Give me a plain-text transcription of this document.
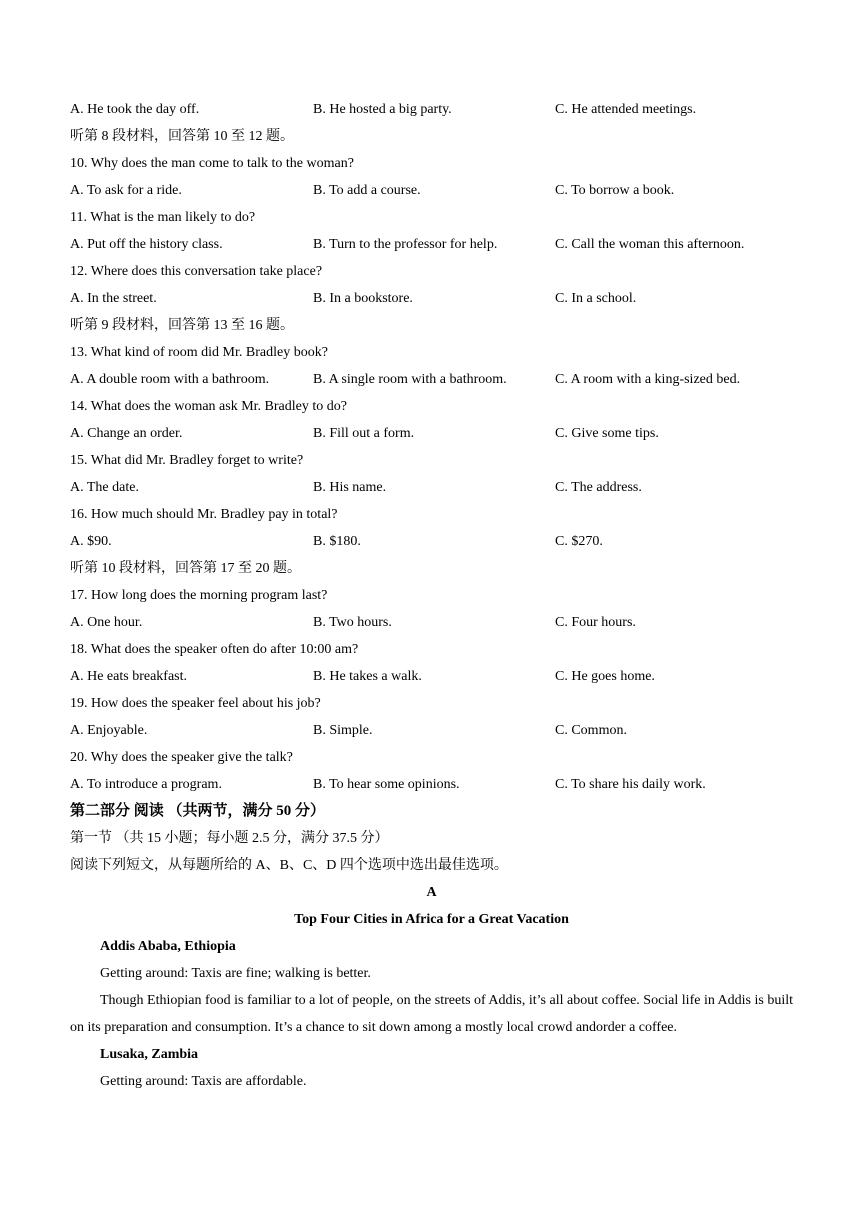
A. He took the day off.	B. He hosted a big party.	C. He attended meetings.
听第 8 段材料，回答第 10 至 12 题。
10. Why does the man come to talk to the woman?
A. To ask for a ride.	B. To add a course.	C. To borrow a book.
11. What is the man likely to do?
A. Put off the history class.	B. Turn to the professor for help.	C. Call the woman this afternoon.
12. Where does this conversation take place?
A. In the street.	B. In a bookstore.	C. In a school.
听第 9 段材料，回答第 13 至 16 题。
13. What kind of room did Mr. Bradley book?
A. A double room with a bathroom.	B. A single room with a bathroom.	C. A room with a king-sized bed.
14. What does the woman ask Mr. Bradley to do?
A. Change an order.	B. Fill out a form.	C. Give some tips.
15. What did Mr. Bradley forget to write?
A. The date.	B. His name.	C. The address.
16. How much should Mr. Bradley pay in total?
A. $90.	B. $180.	C. $270.
听第 10 段材料，回答第 17 至 20 题。
17. How long does the morning program last?
A. One hour.	B. Two hours.	C. Four hours.
18. What does the speaker often do after 10:00 am?
A. He eats breakfast.	B. He takes a walk.	C. He goes home.
19. How does the speaker feel about his job?
A. Enjoyable.	B. Simple.	C. Common.
20. Why does the speaker give the talk?
A. To introduce a program.	B. To hear some opinions.	C. To share his daily work.
第二部分 阅读 （共两节，满分 50 分）
第一节 （共 15 小题；每小题 2.5 分，满分 37.5 分）
阅读下列短文，从每题所给的 A、B、C、D 四个选项中选出最佳选项。
A
Top Four Cities in Africa for a Great Vacation
Addis Ababa, Ethiopia
Getting around: Taxis are fine; walking is better.
Though Ethiopian food is familiar to a lot of people, on the streets of Addis, it’s all about coffee. Social life in Addis is built on its preparation and consumption. It’s a chance to sit down among a mostly local crowd andorder a coffee.
Lusaka, Zambia
Getting around: Taxis are affordable.
